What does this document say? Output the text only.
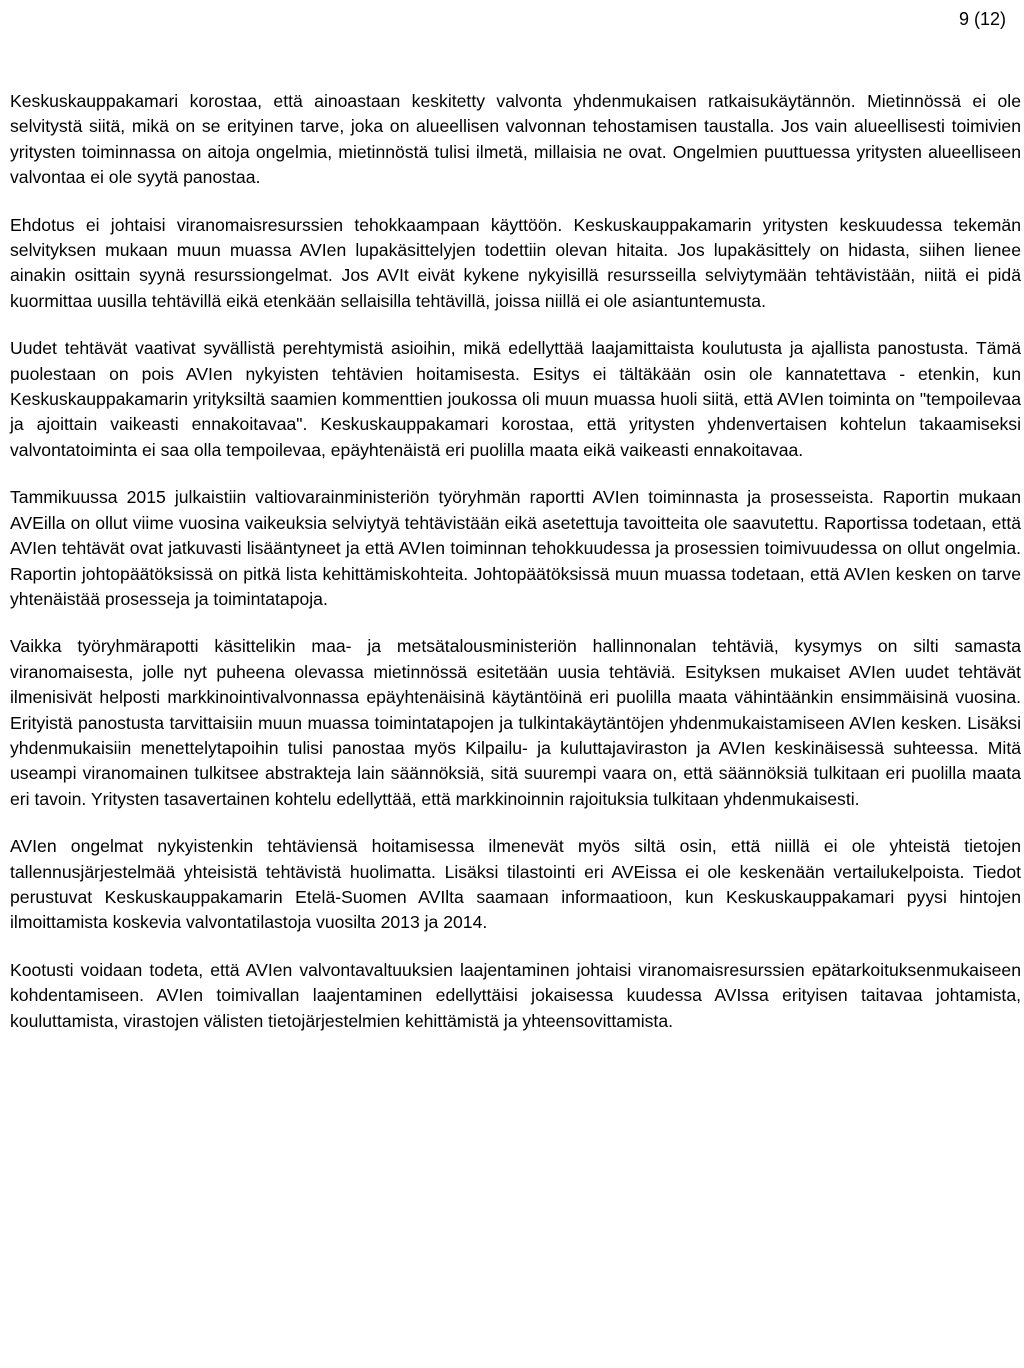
9 (12)

Keskuskauppakamari korostaa, että ainoastaan keskitetty valvonta yhdenmukaisen ratkaisukäytännön. Mietinnössä ei ole selvitystä siitä, mikä on se erityinen tarve, joka on alueellisen valvonnan tehostamisen taustalla. Jos vain alueellisesti toimivien yritysten toiminnassa on aitoja ongelmia, mietinnöstä tulisi ilmetä, millaisia ne ovat. Ongelmien puuttuessa yritysten alueelliseen valvontaa ei ole syytä panostaa.

Ehdotus ei johtaisi viranomaisresurssien tehokkaampaan käyttöön. Keskuskauppakamarin yritysten keskuudessa tekemän selvityksen mukaan muun muassa AVIen lupakäsittelyjen todettiin olevan hitaita. Jos lupakäsittely on hidasta, siihen lienee ainakin osittain syynä resurssiongelmat. Jos AVIt eivät kykene nykyisillä resursseilla selviytymään tehtävistään, niitä ei pidä kuormittaa uusilla tehtävillä eikä etenkään sellaisilla tehtävillä, joissa niillä ei ole asiantuntemusta.

Uudet tehtävät vaativat syvällistä perehtymistä asioihin, mikä edellyttää laajamittaista koulutusta ja ajallista panostusta. Tämä puolestaan on pois AVIen nykyisten tehtävien hoitamisesta. Esitys ei tältäkään osin ole kannatettava - etenkin, kun Keskuskauppakamarin yrityksiltä saamien kommenttien joukossa oli muun muassa huoli siitä, että AVIen toiminta on "tempoilevaa ja ajoittain vaikeasti ennakoitavaa". Keskuskauppakamari korostaa, että yritysten yhdenvertaisen kohtelun takaamiseksi valvontatoiminta ei saa olla tempoilevaa, epäyhtenäistä eri puolilla maata eikä vaikeasti ennakoitavaa.

Tammikuussa 2015 julkaistiin valtiovarainministeriön työryhmän raportti AVIen toiminnasta ja prosesseista. Raportin mukaan AVEilla on ollut viime vuosina vaikeuksia selviytyä tehtävistään eikä asetettuja tavoitteita ole saavutettu. Raportissa todetaan, että AVIen tehtävät ovat jatkuvasti lisääntyneet ja että AVIen toiminnan tehokkuudessa ja prosessien toimivuudessa on ollut ongelmia. Raportin johtopäätöksissä on pitkä lista kehittämiskohteita. Johtopäätöksissä muun muassa todetaan, että AVIen kesken on tarve yhtenäistää prosesseja ja toimintatapoja.

Vaikka työryhmärapotti käsittelikin maa- ja metsätalousministeriön hallinnonalan tehtäviä, kysymys on silti samasta viranomaisesta, jolle nyt puheena olevassa mietinnössä esitetään uusia tehtäviä. Esityksen mukaiset AVIen uudet tehtävät ilmenisivät helposti markkinointivalvonnassa epäyhtenäisinä käytäntöinä eri puolilla maata vähintäänkin ensimmäisinä vuosina. Erityistä panostusta tarvittaisiin muun muassa toimintatapojen ja tulkintakäytäntöjen yhdenmukaistamiseen AVIen kesken. Lisäksi yhdenmukaisiin menettelytapoihin tulisi panostaa myös Kilpailu- ja kuluttajaviraston ja AVIen keskinäisessä suhteessa. Mitä useampi viranomainen tulkitsee abstrakteja lain säännöksiä, sitä suurempi vaara on, että säännöksiä tulkitaan eri puolilla maata eri tavoin. Yritysten tasavertainen kohtelu edellyttää, että markkinoinnin rajoituksia tulkitaan yhdenmukaisesti.

AVIen ongelmat nykyistenkin tehtäviensä hoitamisessa ilmenevät myös siltä osin, että niillä ei ole yhteistä tietojen tallennusjärjestelmää yhteisistä tehtävistä huolimatta. Lisäksi tilastointi eri AVEissa ei ole keskenään vertailukelpoista. Tiedot perustuvat Keskuskauppakamarin Etelä-Suomen AVIlta saamaan informaatioon, kun Keskuskauppakamari pyysi hintojen ilmoittamista koskevia valvontatilastoja vuosilta 2013 ja 2014.

Kootusti voidaan todeta, että AVIen valvontavaltuuksien laajentaminen johtaisi viranomaisresurssien epätarkoituksenmukaiseen kohdentamiseen. AVIen toimivallan laajentaminen edellyttäisi jokaisessa kuudessa AVIssa erityisen taitavaa johtamista, kouluttamista, virastojen välisten tietojärjestelmien kehittämistä ja yhteensovittamista.
